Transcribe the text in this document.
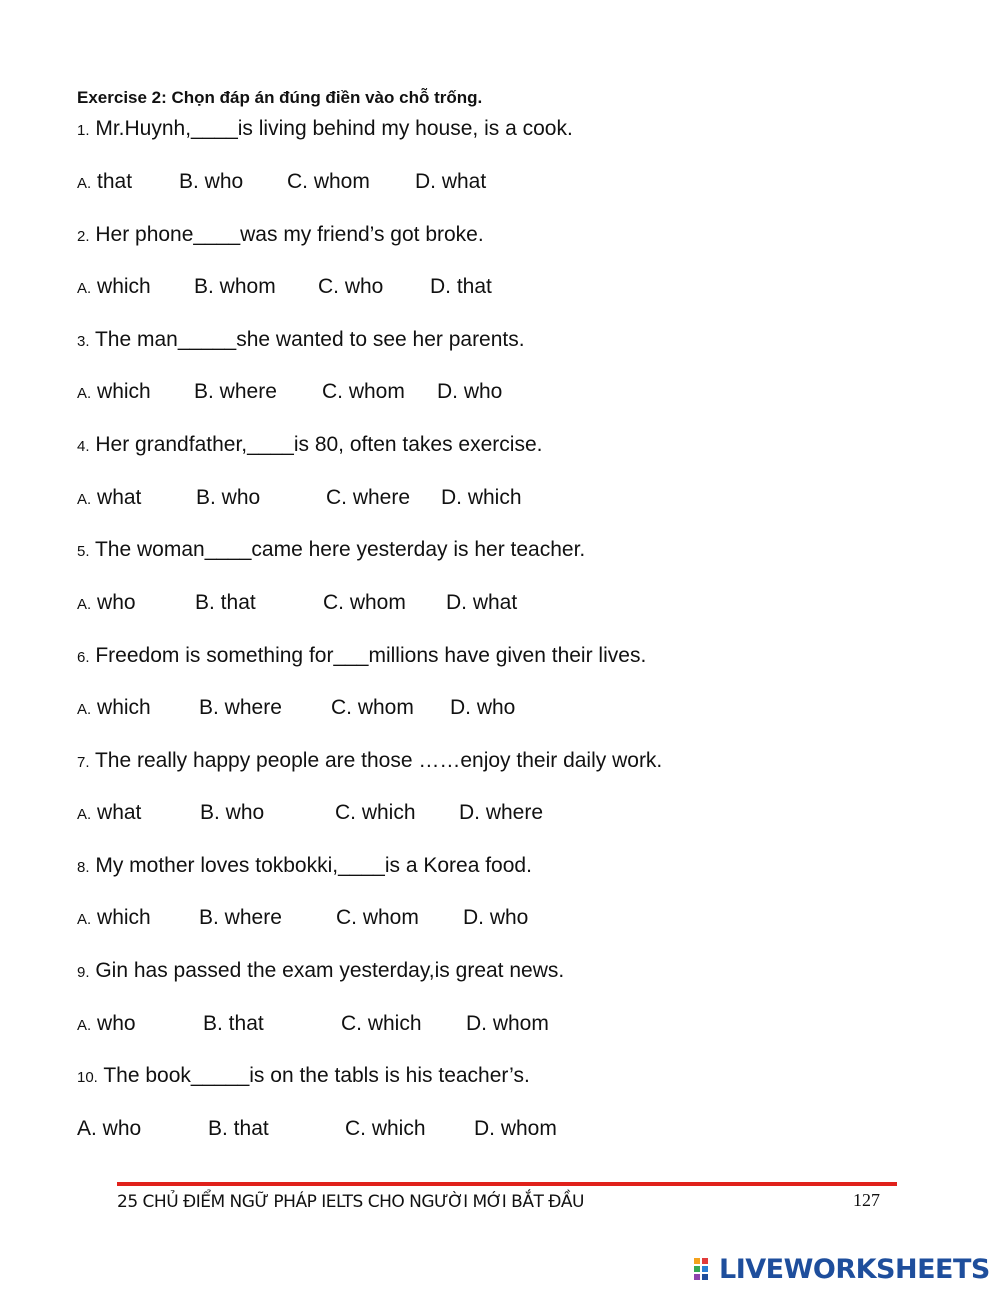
Exercise 2: Chọn đáp án đúng điền vào chỗ trống.
1. Mr.Huynh,____is living behind my house, is a cook.
A. that B. who C. whom D. what
2. Her phone____was my friend’s got broke.
A. which B. whom C. who D. that
3. The man_____she wanted to see her parents.
A. which B. where C. whom D. who
4. Her grandfather,____is 80, often takes exercise.
A. what	B. who	C. where D. which
5. The woman____came here yesterday is her teacher.
A. who	B. that	C. whom D. what
6. Freedom is something for___millions have given their lives.
A. which B. where C. whom D. who
7. The really happy people are those ……enjoy their daily work.
A. what	B. who	C. which D. where
8. My mother loves tokbokki,____is a Korea food.
A. which B. where	C. whom D. who
9. Gin has passed the exam yesterday,is great news.
A. who	B. that	C. which D. whom
10. The book_____is on the tabls is his teacher’s.
A. who	B. that	C. which D. whom
25 CHỦ ĐIỂM NGỮ PHÁP IELTS CHO NGƯỜI MỚI BẮT ĐẦU	127
LIVEWORKSHEETS
